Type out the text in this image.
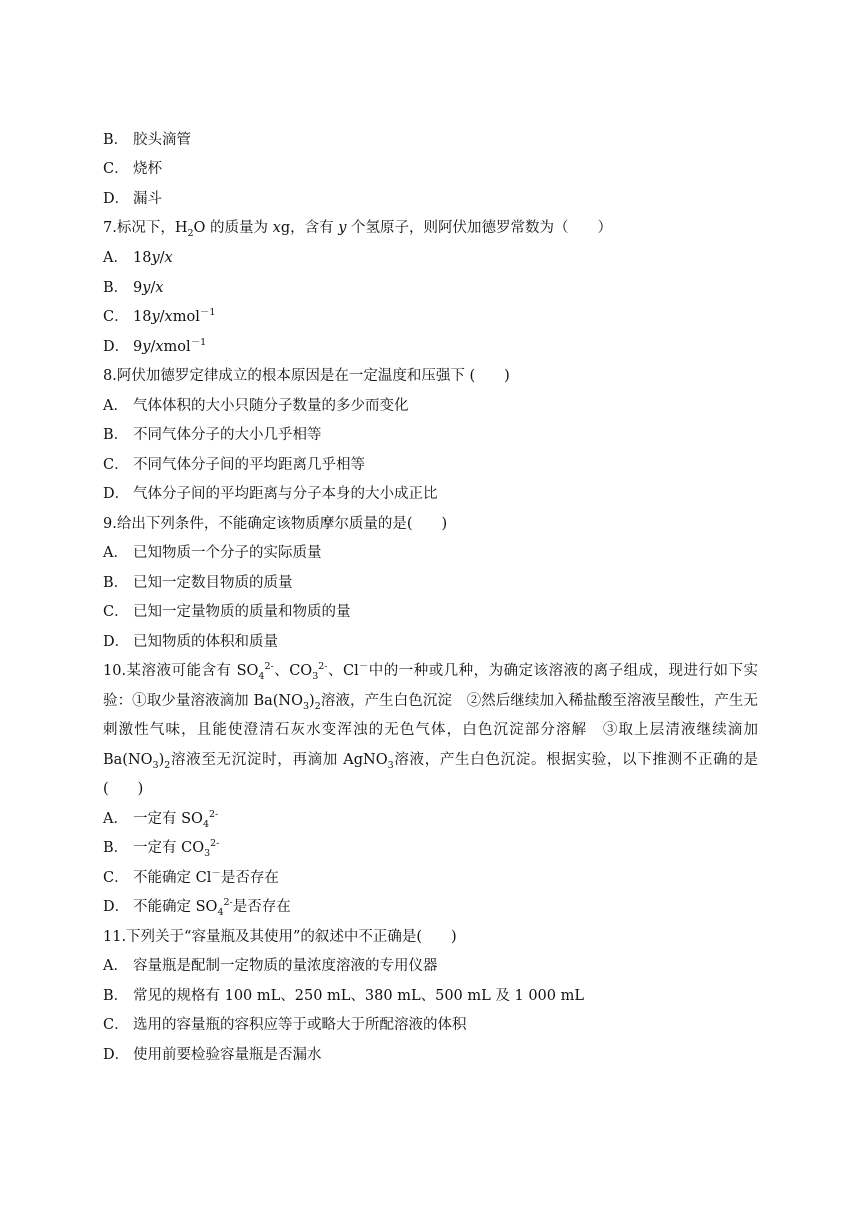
B． 胶头滴管
C． 烧杯
D． 漏斗
7.标况下，$H_2O$ 的质量为 xg，含有 y 个氢原子，则阿伏加德罗常数为（　　）
A． 18y/x
B． 9y/x
C． 18y/xmol$^{-1}$
D． 9y/xmol$^{-1}$
8.阿伏加德罗定律成立的根本原因是在一定温度和压强下 (　　)
A． 气体体积的大小只随分子数量的多少而变化
B． 不同气体分子的大小几乎相等
C． 不同气体分子间的平均距离几乎相等
D． 气体分子间的平均距离与分子本身的大小成正比
9.给出下列条件，不能确定该物质摩尔质量的是(　　)
A． 已知物质一个分子的实际质量
B． 已知一定数目物质的质量
C． 已知一定量物质的质量和物质的量
D． 已知物质的体积和质量
10.某溶液可能含有 $SO_4^{2-}$、$CO_3^{2-}$、Cl－中的一种或几种，为确定该溶液的离子组成，现进行如下实验：①取少量溶液滴加 $Ba(NO_3)_2$溶液，产生白色沉淀　②然后继续加入稀盐酸至溶液呈酸性，产生无刺激性气味，且能使澄清石灰水变浑浊的无色气体，白色沉淀部分溶解　③取上层清液继续滴加 $Ba(NO_3)_2$溶液至无沉淀时，再滴加 AgNO$_3$溶液，产生白色沉淀。根据实验，以下推测不正确的是(　　)
A． 一定有 $SO_4^{2-}$
B． 一定有 $CO_3^{2-}$
C． 不能确定 Cl－是否存在
D． 不能确定 $SO_4^{2-}$是否存在
11.下列关于“容量瓶及其使用”的叙述中不正确是(　　)
A． 容量瓶是配制一定物质的量浓度溶液的专用仪器
B． 常见的规格有 100 mL、250 mL、380 mL、500 mL 及 1 000 mL
C． 选用的容量瓶的容积应等于或略大于所配溶液的体积
D． 使用前要检验容量瓶是否漏水
